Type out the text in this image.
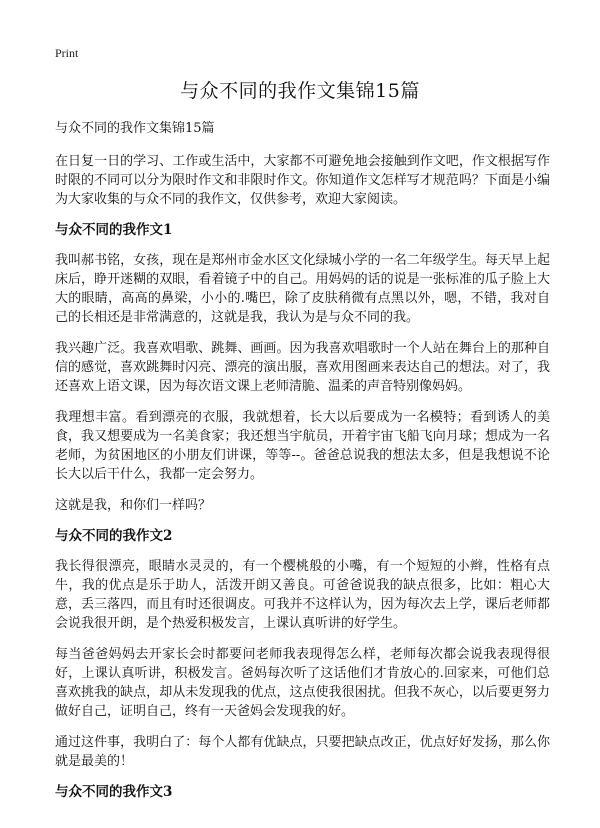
Print
与众不同的我作文集锦15篇
与众不同的我作文集锦15篇

在日复一日的学习、工作或生活中，大家都不可避免地会接触到作文吧，作文根据写作时限的不同可以分为限时作文和非限时作文。你知道作文怎样写才规范吗？下面是小编为大家收集的与众不同的我作文，仅供参考，欢迎大家阅读。

与众不同的我作文1

我叫郝书铭，女孩，现在是郑州市金水区文化绿城小学的一名二年级学生。每天早上起床后，睁开迷糊的双眼，看着镜子中的自己。用妈妈的话的说是一张标准的瓜子脸上大大的眼睛，高高的鼻梁，小小的.嘴巴，除了皮肤稍微有点黑以外，嗯，不错，我对自己的长相还是非常满意的，这就是我，我认为是与众不同的我。

我兴趣广泛。我喜欢唱歌、跳舞、画画。因为我喜欢唱歌时一个人站在舞台上的那种自信的感觉，喜欢跳舞时闪亮、漂亮的演出服，喜欢用图画来表达自己的想法。对了，我还喜欢上语文课，因为每次语文课上老师清脆、温柔的声音特别像妈妈。

我理想丰富。看到漂亮的衣服，我就想着，长大以后要成为一名模特；看到诱人的美食，我又想要成为一名美食家；我还想当宇航员，开着宇宙飞船飞向月球；想成为一名老师，为贫困地区的小朋友们讲课，等等--。爸爸总说我的想法太多，但是我想说不论长大以后干什么，我都一定会努力。

这就是我，和你们一样吗？

与众不同的我作文2

我长得很漂亮，眼睛水灵灵的，有一个樱桃般的小嘴，有一个短短的小辫，性格有点牛，我的优点是乐于助人，活泼开朗又善良。可爸爸说我的缺点很多，比如：粗心大意，丢三落四，而且有时还很调皮。可我并不这样认为，因为每次去上学，课后老师都会说我很开朗，是个热爱积极发言，上课认真听讲的好学生。

每当爸爸妈妈去开家长会时都要问老师我表现得怎么样，老师每次都会说我表现得很好，上课认真听讲，积极发言。爸妈每次听了这话他们才肯放心的.回家来，可他们总喜欢挑我的缺点，却从未发现我的优点，这点使我很困扰。但我不灰心，以后要更努力做好自己，证明自己，终有一天爸妈会发现我的好。

通过这件事，我明白了：每个人都有优缺点，只要把缺点改正，优点好好发扬，那么你就是最美的！

与众不同的我作文3
